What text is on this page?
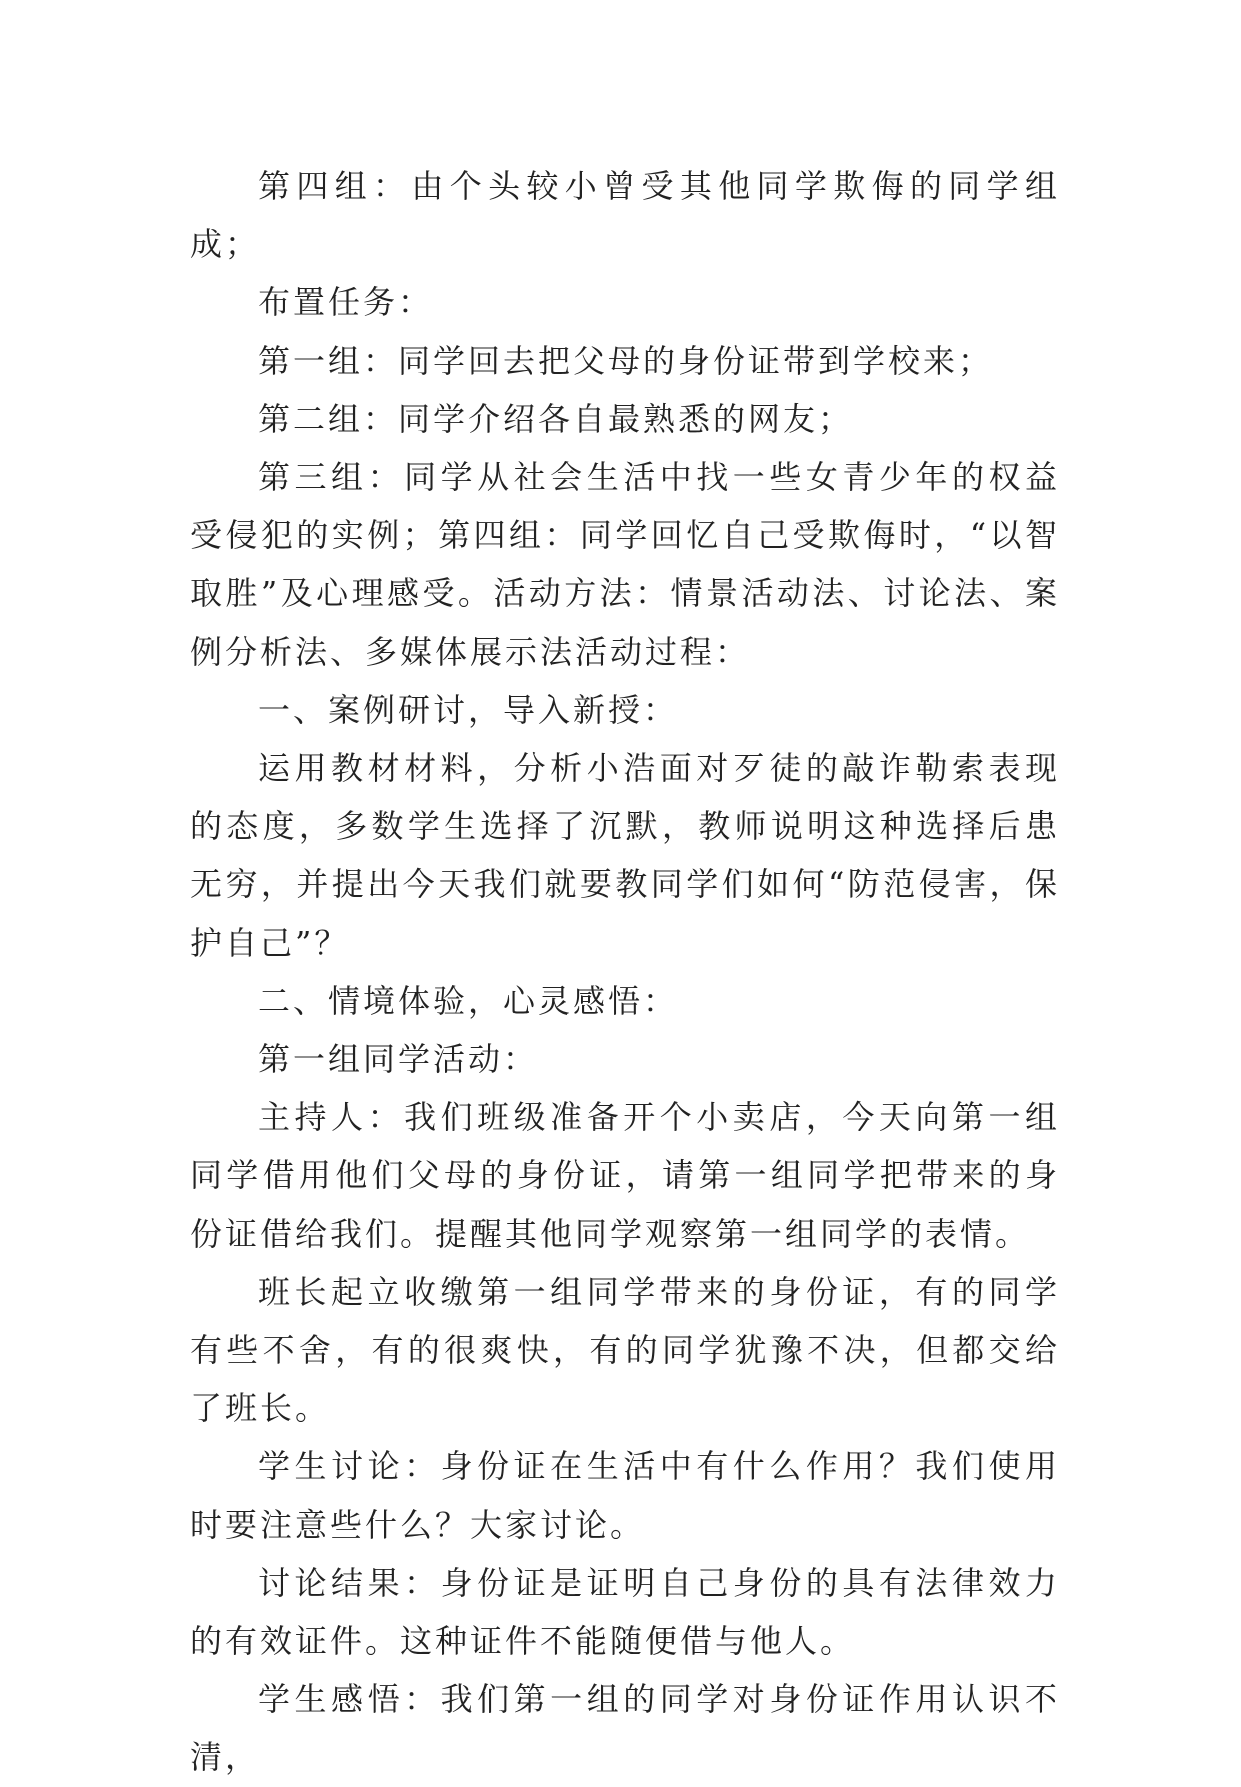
第四组：由个头较小曾受其他同学欺侮的同学组成；

布置任务：

第一组：同学回去把父母的身份证带到学校来；

第二组：同学介绍各自最熟悉的网友；

第三组：同学从社会生活中找一些女青少年的权益受侵犯的实例；第四组：同学回忆自己受欺侮时，“以智取胜”及心理感受。活动方法：情景活动法、讨论法、案例分析法、多媒体展示法活动过程：

一、案例研讨，导入新授：

运用教材材料，分析小浩面对歹徒的敲诈勒索表现的态度，多数学生选择了沉默，教师说明这种选择后患无穷，并提出今天我们就要教同学们如何“防范侵害，保护自己”？

二、情境体验，心灵感悟：

第一组同学活动：

主持人：我们班级准备开个小卖店，今天向第一组同学借用他们父母的身份证，请第一组同学把带来的身份证借给我们。提醒其他同学观察第一组同学的表情。

班长起立收缴第一组同学带来的身份证，有的同学有些不舍，有的很爽快，有的同学犹豫不决，但都交给了班长。

学生讨论：身份证在生活中有什么作用？我们使用时要注意些什么？大家讨论。

讨论结果：身份证是证明自己身份的具有法律效力的有效证件。这种证件不能随便借与他人。

学生感悟：我们第一组的同学对身份证作用认识不清，
